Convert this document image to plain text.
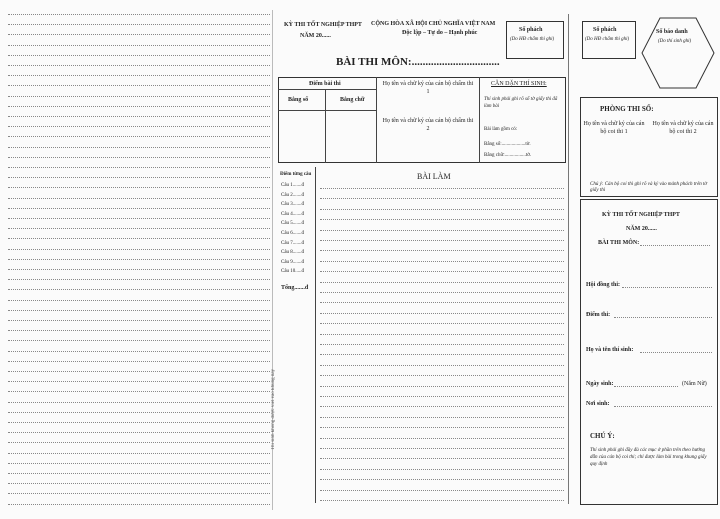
KỲ THI TỐT NGHIỆP THPT
NĂM 20......
CỘNG HÒA XÃ HỘI CHỦ NGHĨA VIỆT NAM
Độc lập – Tự do – Hạnh phúc
BÀI THI MÔN:................................
Số phách
(Do HĐ chấm thi ghi)
Điểm bài thi
Bằng số	Bằng chữ
Họ tên và chữ ký của cán bộ chấm thi 1
Họ tên và chữ ký của cán bộ chấm thi 2
CĂN DẶN THÍ SINH:
Thí sinh phải ghi rõ số tờ giấy thi đã làm bài
Bài làm gồm có:
Bằng số:...................tờ.
Bằng chữ:.................tờ.
Điểm từng câu
Câu 1.......đ
Câu 2.......đ
Câu 3.......đ
Câu 4.......đ
Câu 5.......đ
Câu 6.......đ
Câu 7.......đ
Câu 8.......đ
Câu 9.......đ
Câu 10.....đ
Tổng.......đ
Thí sinh không được viết vào khung này
BÀI LÀM
Số phách
(Do HĐ chấm thi ghi)
Số báo danh
(Do thí sinh ghi)
PHÒNG THI SỐ:
Họ tên và chữ ký của cán bộ coi thi 1
Họ tên và chữ ký của cán bộ coi thi 2
Chú ý: Cán bộ coi thi ghi rõ và ký vào mảnh phách trên tờ giấy thi
KỲ THI TỐT NGHIỆP THPT
NĂM 20......
BÀI THI MÔN:
Hội đồng thi:
Điểm thi:
Họ và tên thí sinh:
Ngày sinh:	(Năm Nữ)
Nơi sinh:
CHÚ Ý:
Thí sinh phải ghi đầy đủ các mục ở phần trên theo hướng dẫn của cán bộ coi thi; chỉ được làm bài trong khung giấy quy định
